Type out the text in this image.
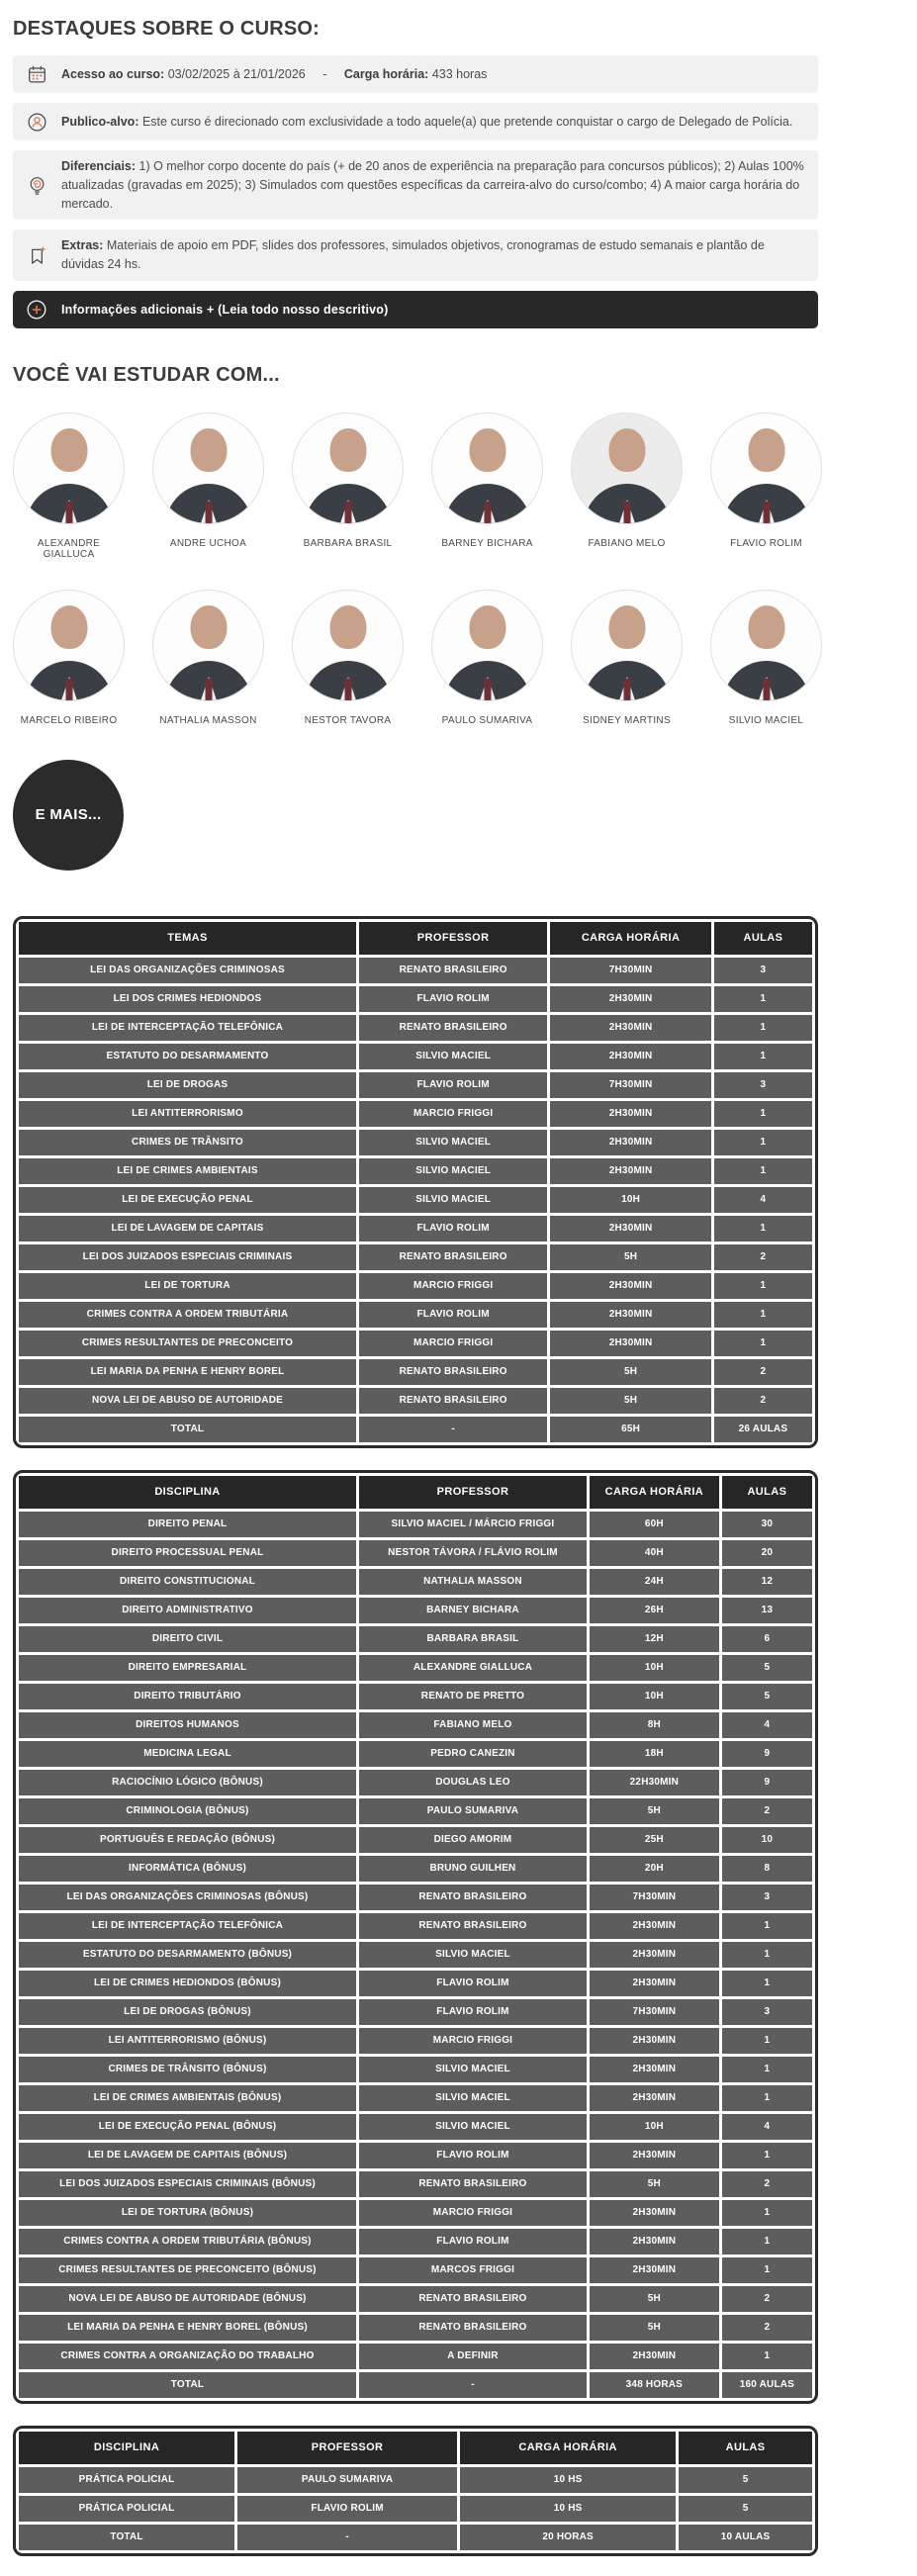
DESTAQUES SOBRE O CURSO:

Acesso ao curso: 03/02/2025 à 21/01/2026 - Carga horária: 433 horas

Publico-alvo: Este curso é direcionado com exclusividade a todo aquele(a) que pretende conquistar o cargo de Delegado de Polícia.

Diferenciais: 1) O melhor corpo docente do país (+ de 20 anos de experiência na preparação para concursos públicos); 2) Aulas 100% atualizadas (gravadas em 2025); 3) Simulados com questões específicas da carreira-alvo do curso/combo; 4) A maior carga horária do mercado.

Extras: Materiais de apoio em PDF, slides dos professores, simulados objetivos, cronogramas de estudo semanais e plantão de dúvidas 24 hs.

Informações adicionais + (Leia todo nosso descritivo)
VOCÊ VAI ESTUDAR COM...
ALEXANDRE GIALLUCA
ANDRE UCHOA	BARBARA BRASIL	BARNEY BICHARA	FABIANO MELO	FLAVIO ROLIM
MARCELO RIBEIRO	NATHALIA MASSON	NESTOR TAVORA	PAULO SUMARIVA	SIDNEY MARTINS	SILVIO MACIEL
E MAIS...
TEMAS	PROFESSOR	CARGA HORÁRIA	AULAS
LEI DAS ORGANIZAÇÕES CRIMINOSAS	RENATO BRASILEIRO	7H30MIN	3
LEI DOS CRIMES HEDIONDOS	FLAVIO ROLIM	2H30MIN	1
LEI DE INTERCEPTAÇÃO TELEFÔNICA	RENATO BRASILEIRO	2H30MIN	1
ESTATUTO DO DESARMAMENTO	SILVIO MACIEL	2H30MIN	1
LEI DE DROGAS	FLAVIO ROLIM	7H30MIN	3
LEI ANTITERRORISMO	MARCIO FRIGGI	2H30MIN	1
CRIMES DE TRÂNSITO	SILVIO MACIEL	2H30MIN	1
LEI DE CRIMES AMBIENTAIS	SILVIO MACIEL	2H30MIN	1
LEI DE EXECUÇÃO PENAL	SILVIO MACIEL	10H	4
LEI DE LAVAGEM DE CAPITAIS	FLAVIO ROLIM	2H30MIN	1
LEI DOS JUIZADOS ESPECIAIS CRIMINAIS	RENATO BRASILEIRO	5H	2
LEI DE TORTURA	MARCIO FRIGGI	2H30MIN	1
CRIMES CONTRA A ORDEM TRIBUTÁRIA	FLAVIO ROLIM	2H30MIN	1
CRIMES RESULTANTES DE PRECONCEITO	MARCIO FRIGGI	2H30MIN	1
LEI MARIA DA PENHA E HENRY BOREL	RENATO BRASILEIRO	5H	2
NOVA LEI DE ABUSO DE AUTORIDADE	RENATO BRASILEIRO	5H	2
TOTAL	-	65H	26 AULAS
DISCIPLINA	PROFESSOR	CARGA HORÁRIA	AULAS
DIREITO PENAL	SILVIO MACIEL / MÁRCIO FRIGGI	60H	30
DIREITO PROCESSUAL PENAL	NESTOR TÁVORA / FLÁVIO ROLIM	40H	20
DIREITO CONSTITUCIONAL	NATHALIA MASSON	24H	12
DIREITO ADMINISTRATIVO	BARNEY BICHARA	26H	13
DIREITO CIVIL	BARBARA BRASIL	12H	6
DIREITO EMPRESARIAL	ALEXANDRE GIALLUCA	10H	5
DIREITO TRIBUTÁRIO	RENATO DE PRETTO	10H	5
DIREITOS HUMANOS	FABIANO MELO	8H	4
MEDICINA LEGAL	PEDRO CANEZIN	18H	9
RACIOCÍNIO LÓGICO (BÔNUS)	DOUGLAS LEO	22H30MIN	9
CRIMINOLOGIA (BÔNUS)	PAULO SUMARIVA	5H	2
PORTUGUÊS E REDAÇÃO (BÔNUS)	DIEGO AMORIM	25H	10
INFORMÁTICA (BÔNUS)	BRUNO GUILHEN	20H	8
LEI DAS ORGANIZAÇÕES CRIMINOSAS (BÔNUS)	RENATO BRASILEIRO	7H30MIN	3
LEI DE INTERCEPTAÇÃO TELEFÔNICA	RENATO BRASILEIRO	2H30MIN	1
ESTATUTO DO DESARMAMENTO (BÔNUS)	SILVIO MACIEL	2H30MIN	1
LEI DE CRIMES HEDIONDOS (BÔNUS)	FLAVIO ROLIM	2H30MIN	1
LEI DE DROGAS (BÔNUS)	FLAVIO ROLIM	7H30MIN	3
LEI ANTITERRORISMO (BÔNUS)	MARCIO FRIGGI	2H30MIN	1
CRIMES DE TRÂNSITO (BÔNUS)	SILVIO MACIEL	2H30MIN	1
LEI DE CRIMES AMBIENTAIS (BÔNUS)	SILVIO MACIEL	2H30MIN	1
LEI DE EXECUÇÃO PENAL (BÔNUS)	SILVIO MACIEL	10H	4
LEI DE LAVAGEM DE CAPITAIS (BÔNUS)	FLAVIO ROLIM	2H30MIN	1
LEI DOS JUIZADOS ESPECIAIS CRIMINAIS (BÔNUS)	RENATO BRASILEIRO	5H	2
LEI DE TORTURA (BÔNUS)	MARCIO FRIGGI	2H30MIN	1
CRIMES CONTRA A ORDEM TRIBUTÁRIA (BÔNUS)	FLAVIO ROLIM	2H30MIN	1
CRIMES RESULTANTES DE PRECONCEITO (BÔNUS)	MARCOS FRIGGI	2H30MIN	1
NOVA LEI DE ABUSO DE AUTORIDADE (BÔNUS)	RENATO BRASILEIRO	5H	2
LEI MARIA DA PENHA E HENRY BOREL (BÔNUS)	RENATO BRASILEIRO	5H	2
CRIMES CONTRA A ORGANIZAÇÃO DO TRABALHO	A DEFINIR	2H30MIN	1
TOTAL	-	348 HORAS	160 AULAS
DISCIPLINA	PROFESSOR	CARGA HORÁRIA	AULAS
PRÁTICA POLICIAL	PAULO SUMARIVA	10 HS	5
PRÁTICA POLICIAL	FLAVIO ROLIM	10 HS	5
TOTAL	-	20 HORAS	10 AULAS
